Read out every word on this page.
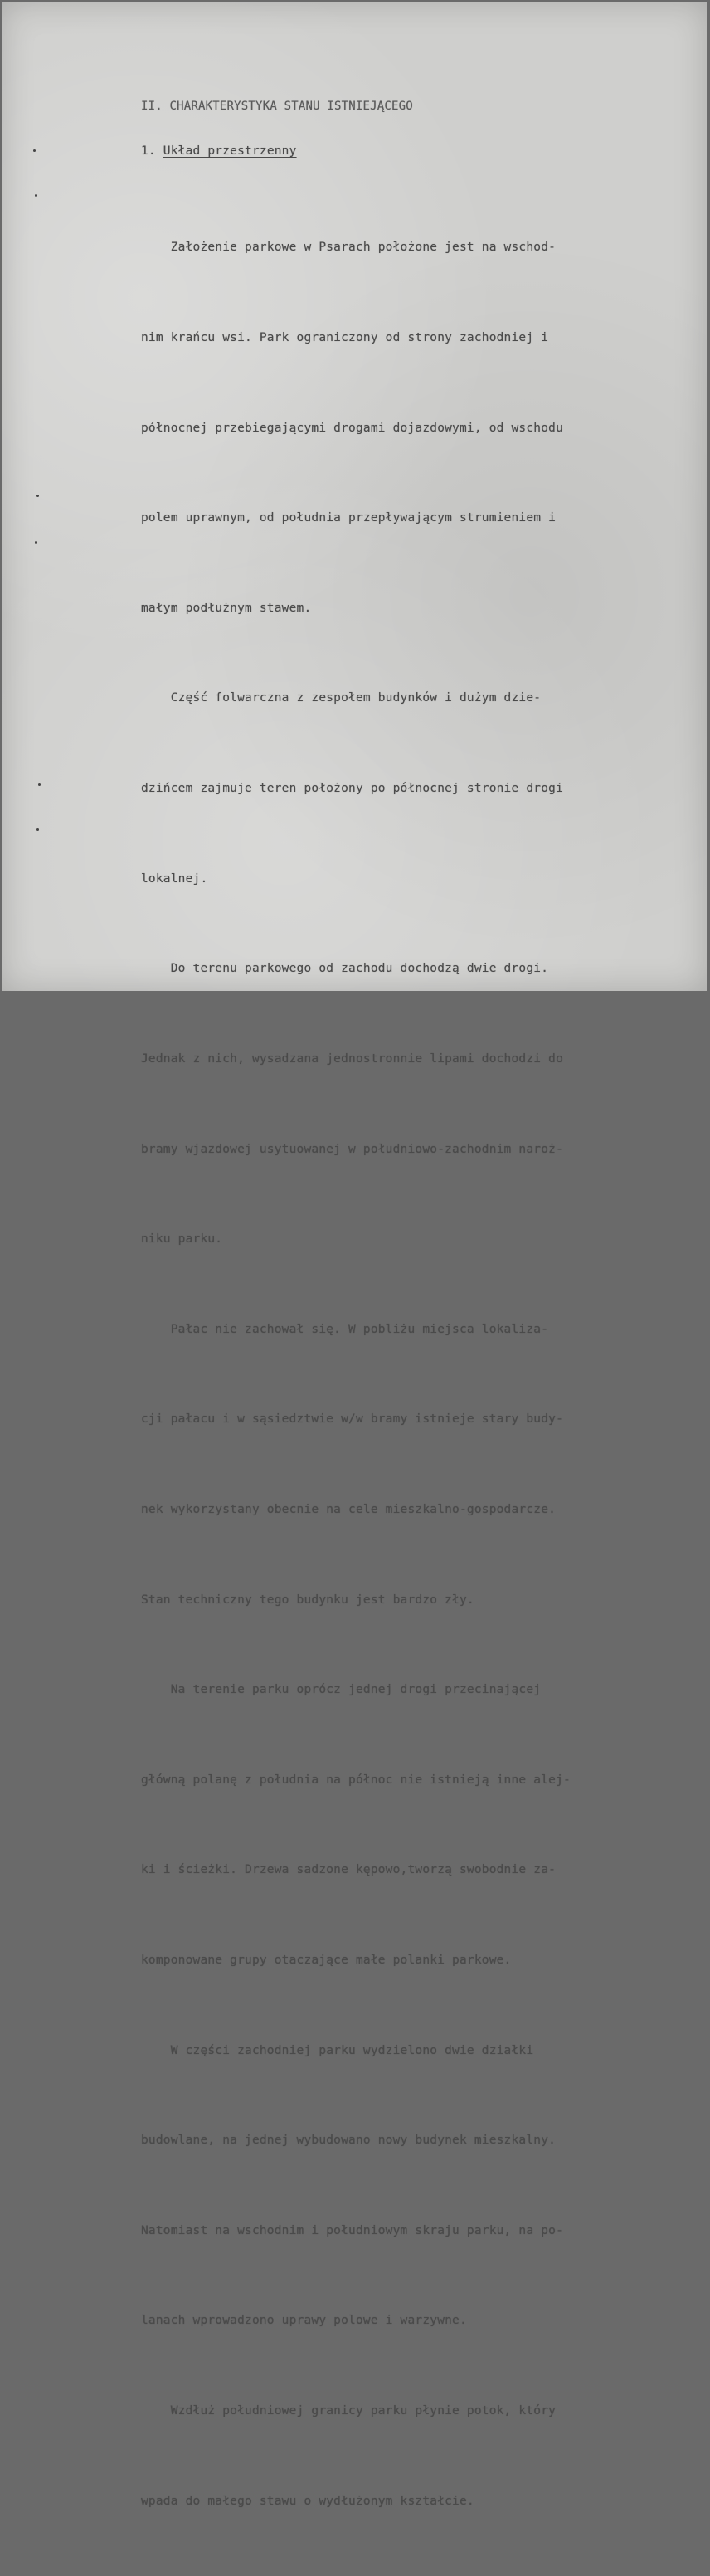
II. CHARAKTERYSTYKA STANU ISTNIEJĄCEGO
1. Układ przestrzenny

Założenie parkowe w Psarach położone jest na wschod-

nim krańcu wsi. Park ograniczony od strony zachodniej i

północnej przebiegającymi drogami dojazdowymi, od wschodu

polem uprawnym, od południa przepływającym strumieniem i

małym podłużnym stawem.

Część folwarczna z zespołem budynków i dużym dzie-

dzińcem zajmuje teren położony po północnej stronie drogi

lokalnej.

Do terenu parkowego od zachodu dochodzą dwie drogi.

Jednak z nich, wysadzana jednostronnie lipami dochodzi do

bramy wjazdowej usytuowanej w południowo-zachodnim naroż-

niku parku.

Pałac nie zachował się. W pobliżu miejsca lokaliza-

cji pałacu i w sąsiedztwie w/w bramy istnieje stary budy-

nek wykorzystany obecnie na cele mieszkalno-gospodarcze.

Stan techniczny tego budynku jest bardzo zły.

Na terenie parku oprócz jednej drogi przecinającej

główną polanę z południa na północ nie istnieją inne alej-

ki i ścieżki. Drzewa sadzone kępowo,tworzą swobodnie za-

komponowane grupy otaczające małe polanki parkowe.

W części zachodniej parku wydzielono dwie działki

budowlane, na jednej wybudowano nowy budynek mieszkalny.

Natomiast na wschodnim i południowym skraju parku, na po-

lanach wprowadzono uprawy polowe i warzywne.

Wzdłuż południowej granicy parku płynie potok, który

wpada do małego stawu o wydłużonym kształcie.
